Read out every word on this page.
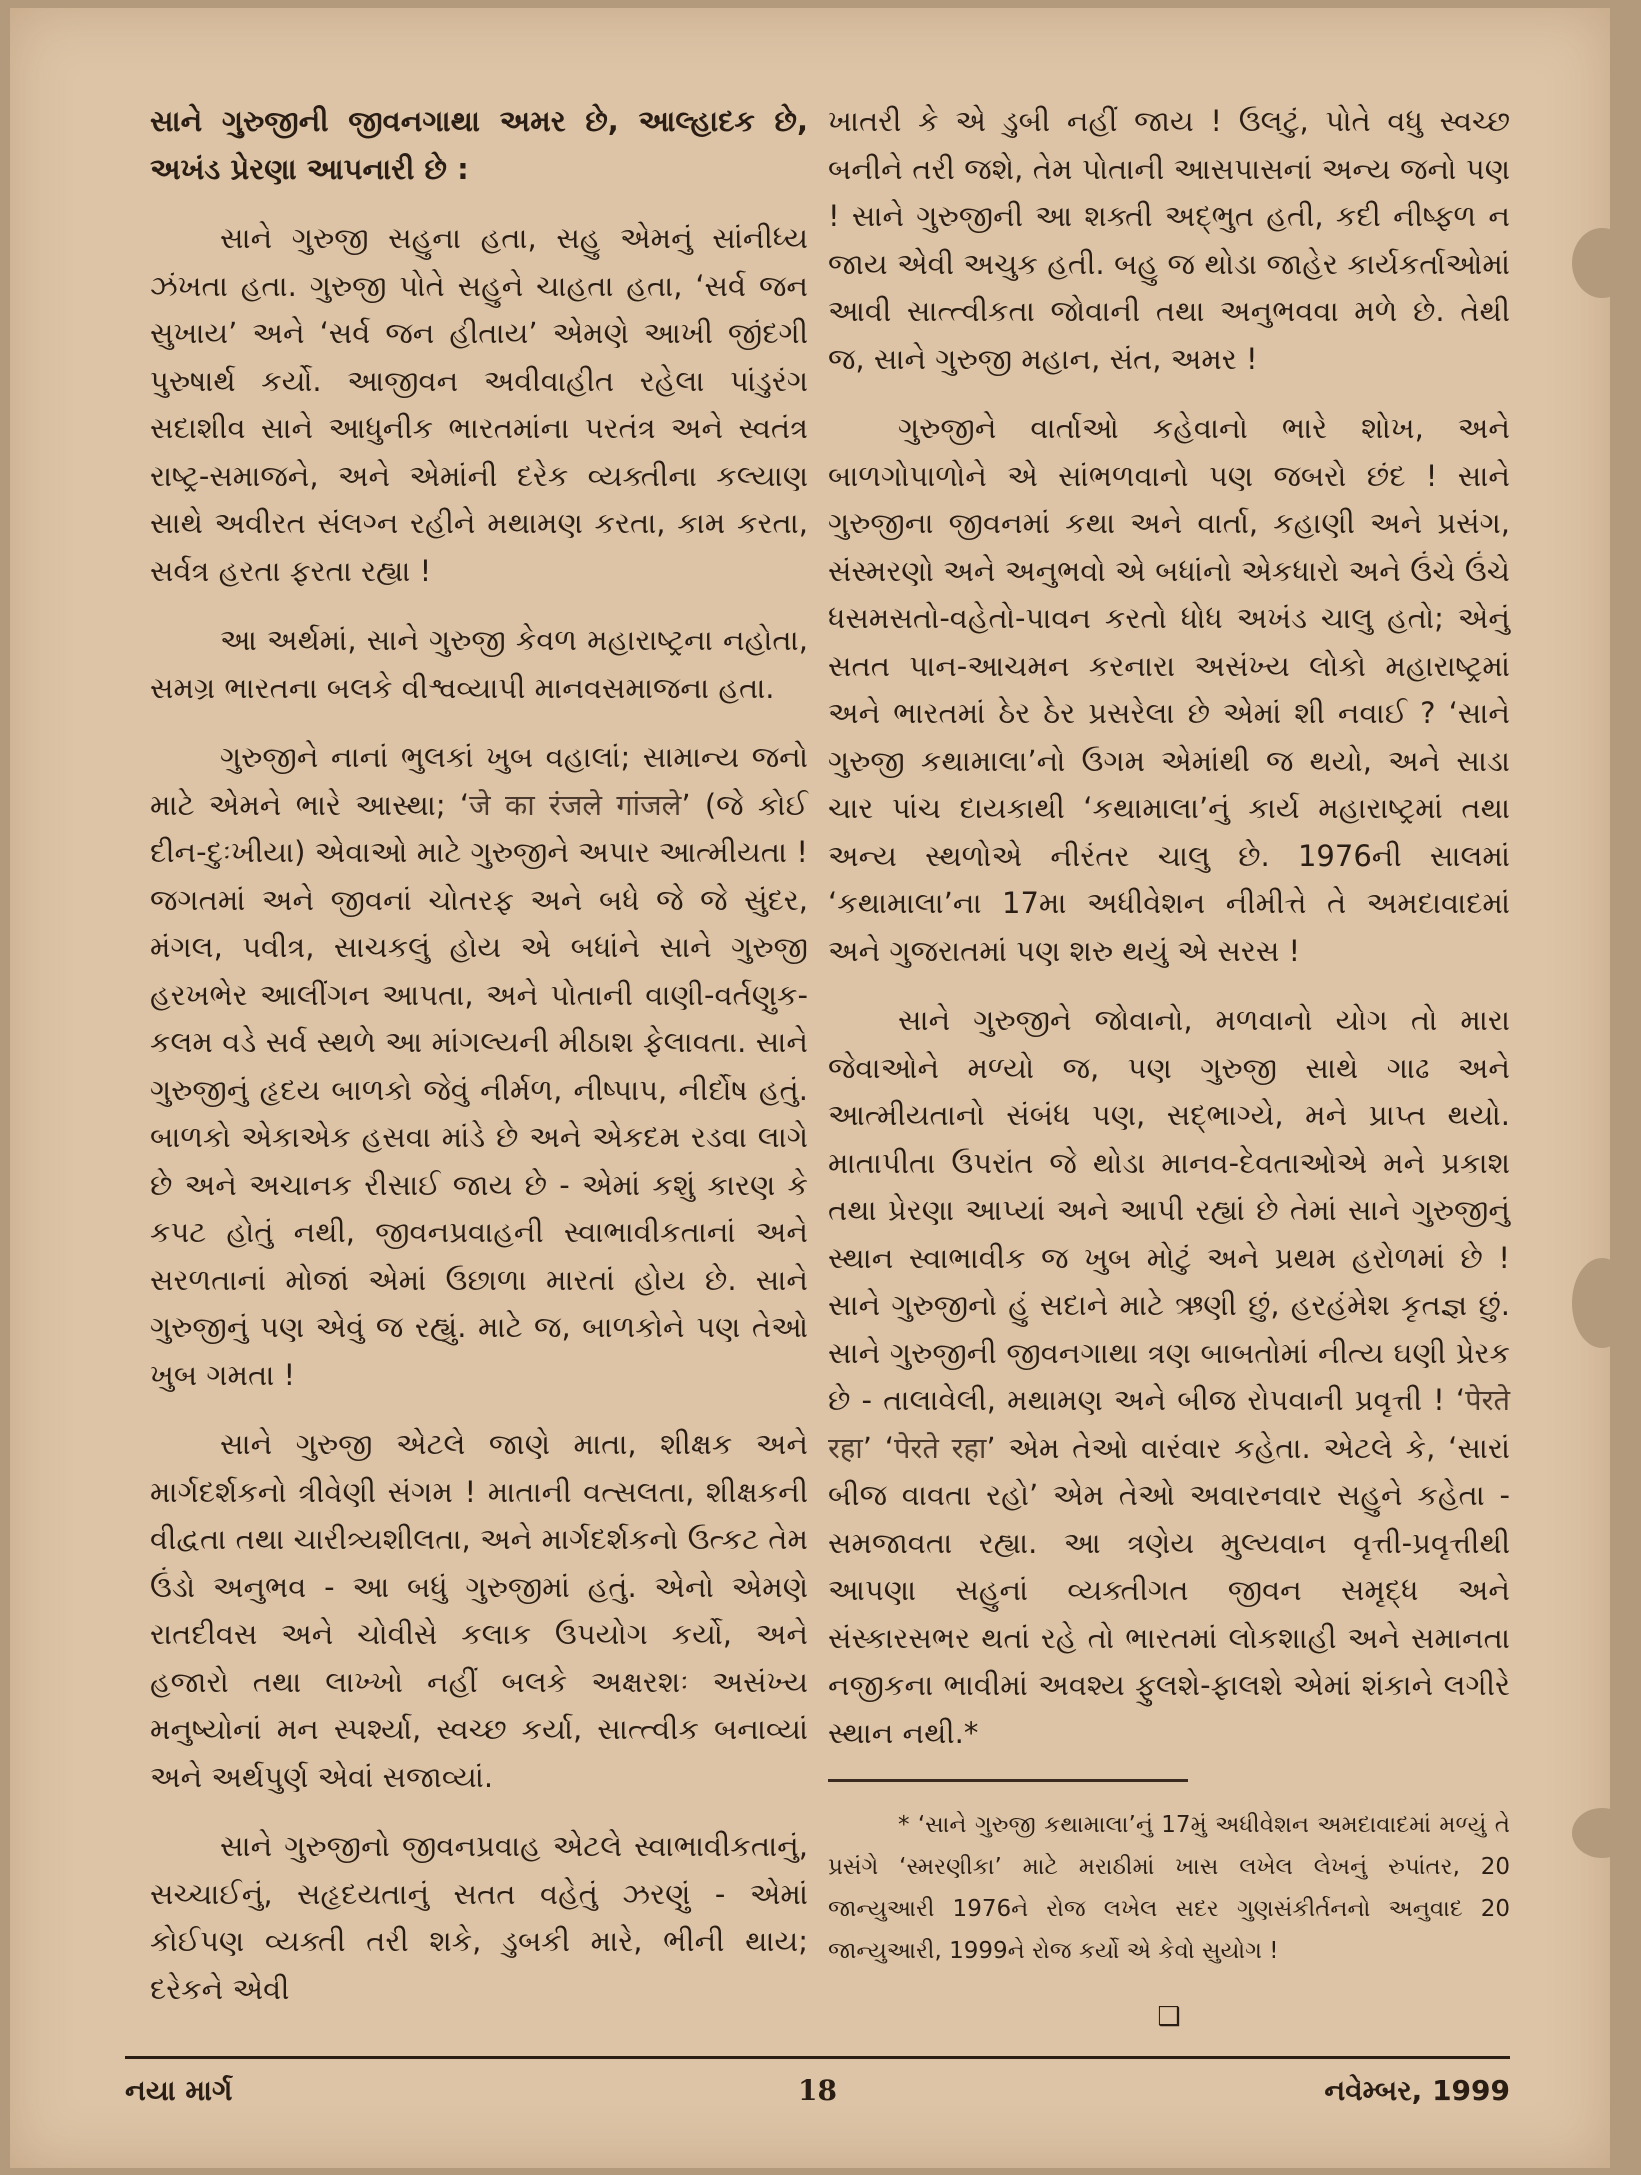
સાને ગુરુજીની જીવનગાથા અમર છે, આલ્હાદક છે, અખંડ પ્રેરણા આપનારી છે :

સાને ગુરુજી સહુના હતા, સહુ એમનું સાંનીધ્ય ઝંખતા હતા. ગુરુજી પોતે સહુને ચાહતા હતા, ‘સર્વ જન સુખાય’ અને ‘સર્વ જન હીતાય’ એમણે આખી જીંદગી પુરુષાર્થ કર્યો. આજીવન અવીવાહીત રહેલા પાંડુરંગ સદાશીવ સાને આધુનીક ભારતમાંના પરતંત્ર અને સ્વતંત્ર રાષ્ટ્ર-સમાજને, અને એમાંની દરેક વ્યક્તીના કલ્યાણ સાથે અવીરત સંલગ્ન રહીને મથામણ કરતા, કામ કરતા, સર્વત્ર હરતા ફરતા રહ્યા !

આ અર્થમાં, સાને ગુરુજી કેવળ મહારાષ્ટ્રના નહોતા, સમગ્ર ભારતના બલકે વીશ્વવ્યાપી માનવસમાજના હતા.

ગુરુજીને નાનાં ભુલકાં ખુબ વહાલાં; સામાન્ય જનો માટે એમને ભારે આસ્થા; ‘जे का रंजले गांजले’ (જે કોઈ દીન-દુઃખીયા) એવાઓ માટે ગુરુજીને અપાર આત્મીયતા ! જગતમાં અને જીવનાં ચોતરફ અને બધે જે જે સુંદર, મંગલ, પવીત્ર, સાચકલું હોય એ બધાંને સાને ગુરુજી હરખભેર આલીંગન આપતા, અને પોતાની વાણી-વર્તણુક-કલમ વડે સર્વ સ્થળે આ માંગલ્યની મીઠાશ ફેલાવતા. સાને ગુરુજીનું હૃદય બાળકો જેવું નીર્મળ, નીષ્પાપ, નીર્દોષ હતું. બાળકો એકાએક હસવા માંડે છે અને એકદમ રડવા લાગે છે અને અચાનક રીસાઈ જાય છે - એમાં કશું કારણ કે કપટ હોતું નથી, જીવનપ્રવાહની સ્વાભાવીકતાનાં અને સરળતાનાં મોજાં એમાં ઉછાળા મારતાં હોય છે. સાને ગુરુજીનું પણ એવું જ રહ્યું. માટે જ, બાળકોને પણ તેઓ ખુબ ગમતા !

સાને ગુરુજી એટલે જાણે માતા, શીક્ષક અને માર્ગદર્શકનો ત્રીવેણી સંગમ ! માતાની વત્સલતા, શીક્ષકની વીદ્વતા તથા ચારીત્ર્યશીલતા, અને માર્ગદર્શકનો ઉત્કટ તેમ ઉંડો અનુભવ - આ બધું ગુરુજીમાં હતું. એનો એમણે રાતદીવસ અને ચોવીસે કલાક ઉપયોગ કર્યો, અને હજારો તથા લાખ્ખો નહીં બલકે અક્ષરશઃ અસંખ્ય મનુષ્યોનાં મન સ્પર્શ્યા, સ્વચ્છ કર્યા, સાત્ત્વીક બનાવ્યાં અને અર્થપુર્ણ એવાં સજાવ્યાં.

સાને ગુરુજીનો જીવનપ્રવાહ એટલે સ્વાભાવીકતાનું, સચ્ચાઈનું, સહૃદયતાનું સતત વહેતું ઝરણું - એમાં કોઈપણ વ્યક્તી તરી શકે, ડુબકી મારે, ભીની થાય; દરેકને એવી

ખાતરી કે એ ડુબી નહીં જાય ! ઉલટું, પોતે વધુ સ્વચ્છ બનીને તરી જશે, તેમ પોતાની આસપાસનાં અન્ય જનો પણ ! સાને ગુરુજીની આ શક્તી અદ્ભુત હતી, કદી નીષ્ફળ ન જાય એવી અચુક હતી. બહુ જ થોડા જાહેર કાર્યકર્તાઓમાં આવી સાત્ત્વીકતા જોવાની તથા અનુભવવા મળે છે. તેથી જ, સાને ગુરુજી મહાન, સંત, અમર !

ગુરુજીને વાર્તાઓ કહેવાનો ભારે શોખ, અને બાળગોપાળોને એ સાંભળવાનો પણ જબરો છંદ ! સાને ગુરુજીના જીવનમાં કથા અને વાર્તા, કહાણી અને પ્રસંગ, સંસ્મરણો અને અનુભવો એ બધાંનો એકધારો અને ઉંચે ઉંચે ધસમસતો-વહેતો-પાવન કરતો ધોધ અખંડ ચાલુ હતો; એનું સતત પાન-આચમન કરનારા અસંખ્ય લોકો મહારાષ્ટ્રમાં અને ભારતમાં ઠેર ઠેર પ્રસરેલા છે એમાં શી નવાઈ ? ‘સાને ગુરુજી કથામાલા’નો ઉગમ એમાંથી જ થયો, અને સાડા ચાર પાંચ દાયકાથી ‘કથામાલા’નું કાર્ય મહારાષ્ટ્રમાં તથા અન્ય સ્થળોએ નીરંતર ચાલુ છે. 1976ની સાલમાં ‘કથામાલા’ના 17મા અધીવેશન નીમીત્તે તે અમદાવાદમાં અને ગુજરાતમાં પણ શરુ થયું એ સરસ !

સાને ગુરુજીને જોવાનો, મળવાનો યોગ તો મારા જેવાઓને મળ્યો જ, પણ ગુરુજી સાથે ગાઢ અને આત્મીયતાનો સંબંધ પણ, સદ્ભાગ્યે, મને પ્રાપ્ત થયો. માતાપીતા ઉપરાંત જે થોડા માનવ-દેવતાઓએ મને પ્રકાશ તથા પ્રેરણા આપ્યાં અને આપી રહ્યાં છે તેમાં સાને ગુરુજીનું સ્થાન સ્વાભાવીક જ ખુબ મોટું અને પ્રથમ હરોળમાં છે ! સાને ગુરુજીનો હું સદાને માટે ઋણી છું, હરહંમેશ કૃતજ્ઞ છું. સાને ગુરુજીની જીવનગાથા ત્રણ બાબતોમાં નીત્ય ઘણી પ્રેરક છે - તાલાવેલી, મથામણ અને બીજ રોપવાની પ્રવૃત્તી ! ‘पेरते रहा’ ‘पेरते रहा’ એમ તેઓ વારંવાર કહેતા. એટલે કે, ‘સારાં બીજ વાવતા રહો’ એમ તેઓ અવારનવાર સહુને કહેતા - સમજાવતા રહ્યા. આ ત્રણેય મુલ્યવાન વૃત્તી-પ્રવૃત્તીથી આપણા સહુનાં વ્યક્તીગત જીવન સમૃદ્ધ અને સંસ્કારસભર થતાં રહે તો ભારતમાં લોકશાહી અને સમાનતા નજીકના ભાવીમાં અવશ્ય ફુલશે-ફાલશે એમાં શંકાને લગીરે સ્થાન નથી.*

* ‘સાને ગુરુજી કથામાલા’નું 17મું અધીવેશન અમદાવાદમાં મળ્યું તે પ્રસંગે ‘સ્મરણીકા’ માટે મરાઠીમાં ખાસ લખેલ લેખનું રુપાંતર, 20 જાન્યુઆરી 1976ને રોજ લખેલ સદર ગુણસંકીર્તનનો અનુવાદ 20 જાન્યુઆરી, 1999ને રોજ કર્યો એ કેવો સુયોગ !

❑
નયા માર્ગ	18	નવેમ્બર, 1999
